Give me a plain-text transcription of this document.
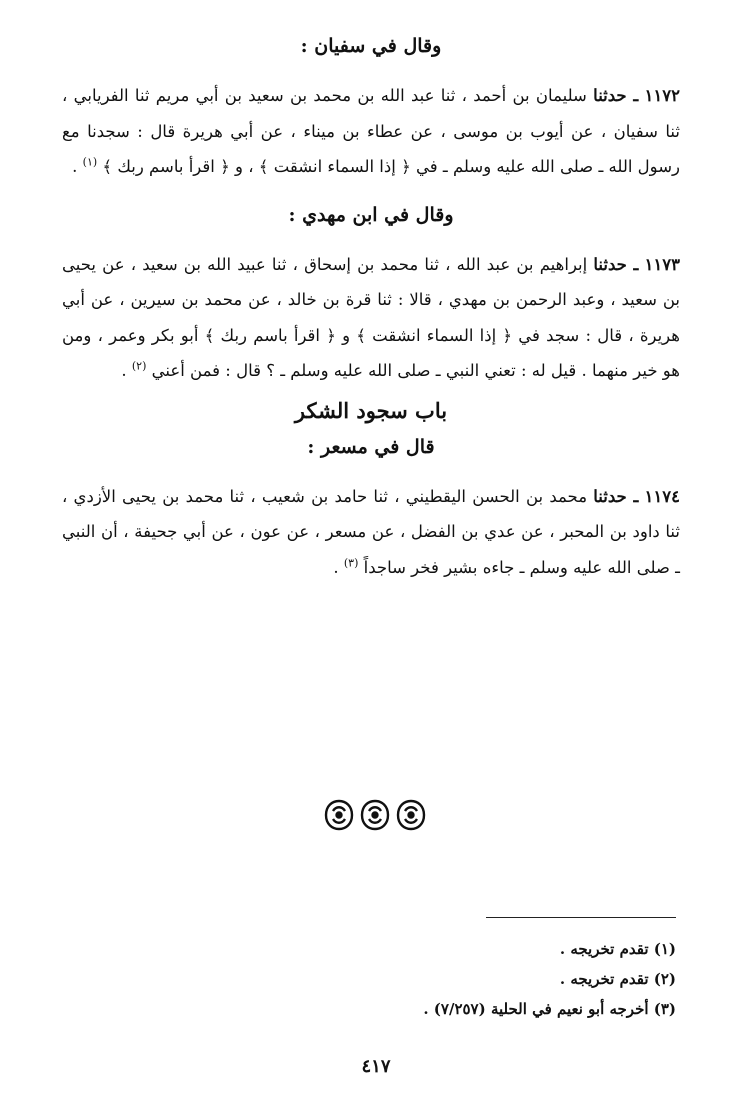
وقال في سفيان :
١١٧٢ ـ حدثنا سليمان بن أحمد ، ثنا عبد الله بن محمد بن سعيد بن أبي مريم ثنا الفريابي ، ثنا سفيان ، عن أيوب بن موسى ، عن عطاء بن ميناء ، عن أبي هريرة قال : سجدنا مع رسول الله ـ صلى الله عليه وسلم ـ في ﴿ إذا السماء انشقت ﴾ ، و ﴿ اقرأ باسم ربك ﴾ $^{(١)}$ .
وقال في ابن مهدي :
١١٧٣ ـ حدثنا إبراهيم بن عبد الله ، ثنا محمد بن إسحاق ، ثنا عبيد الله بن سعيد ، عن يحيى بن سعيد ، وعبد الرحمن بن مهدي ، قالا : ثنا قرة بن خالد ، عن محمد بن سيرين ، عن أبي هريرة ، قال : سجد في ﴿ إذا السماء انشقت ﴾ و ﴿ اقرأ باسم ربك ﴾ أبو بكر وعمر ، ومن هو خير منهما . قيل له : تعني النبي ـ صلى الله عليه وسلم ـ ؟ قال : فمن أعني $^{(٢)}$ .
باب سجود الشكر
قال في مسعر :
١١٧٤ ـ حدثنا محمد بن الحسن اليقطيني ، ثنا حامد بن شعيب ، ثنا محمد بن يحيى الأزدي ، ثنا داود بن المحبر ، عن عدي بن الفضل ، عن مسعر ، عن عون ، عن أبي جحيفة ، أن النبي ـ صلى الله عليه وسلم ـ جاءه بشير فخر ساجداً $^{(٣)}$ .
(١) تقدم تخريجه .
(٢) تقدم تخريجه .
(٣) أخرجه أبو نعيم في الحلية (٧/٢٥٧) .
٤١٧
